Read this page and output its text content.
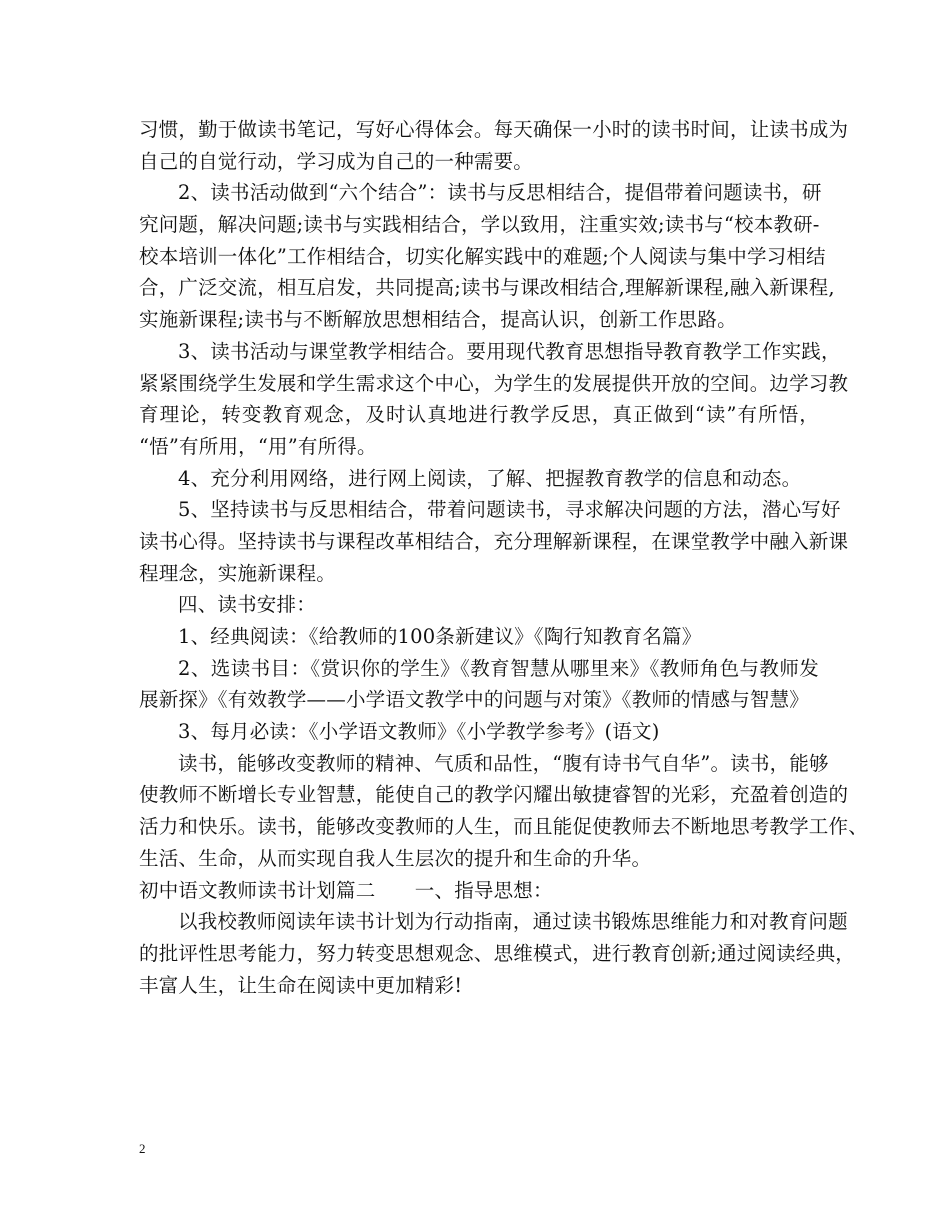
习惯，勤于做读书笔记，写好心得体会。每天确保一小时的读书时间，让读书成为
自己的自觉行动，学习成为自己的一种需要。
2、读书活动做到“六个结合”：读书与反思相结合，提倡带着问题读书，研
究问题，解决问题;读书与实践相结合，学以致用，注重实效;读书与“校本教研-
校本培训一体化”工作相结合，切实化解实践中的难题;个人阅读与集中学习相结
合，广泛交流，相互启发，共同提高;读书与课改相结合,理解新课程,融入新课程,
实施新课程;读书与不断解放思想相结合，提高认识，创新工作思路。
3、读书活动与课堂教学相结合。要用现代教育思想指导教育教学工作实践，
紧紧围绕学生发展和学生需求这个中心，为学生的发展提供开放的空间。边学习教
育理论，转变教育观念，及时认真地进行教学反思，真正做到“读”有所悟，
“悟”有所用，“用”有所得。
4、充分利用网络，进行网上阅读，了解、把握教育教学的信息和动态。
5、坚持读书与反思相结合，带着问题读书，寻求解决问题的方法，潜心写好
读书心得。坚持读书与课程改革相结合，充分理解新课程，在课堂教学中融入新课
程理念，实施新课程。
四、读书安排：
1、经典阅读：《给教师的100条新建议》《陶行知教育名篇》
2、选读书目：《赏识你的学生》《教育智慧从哪里来》《教师角色与教师发
展新探》《有效教学——小学语文教学中的问题与对策》《教师的情感与智慧》
3、每月必读：《小学语文教师》《小学教学参考》(语文)
读书，能够改变教师的精神、气质和品性，“腹有诗书气自华”。读书，能够
使教师不断增长专业智慧，能使自己的教学闪耀出敏捷睿智的光彩，充盈着创造的
活力和快乐。读书，能够改变教师的人生，而且能促使教师去不断地思考教学工作、
生活、生命，从而实现自我人生层次的提升和生命的升华。
初中语文教师读书计划篇二　　一、指导思想：
以我校教师阅读年读书计划为行动指南，通过读书锻炼思维能力和对教育问题
的批评性思考能力，努力转变思想观念、思维模式，进行教育创新;通过阅读经典，
丰富人生，让生命在阅读中更加精彩!
2
